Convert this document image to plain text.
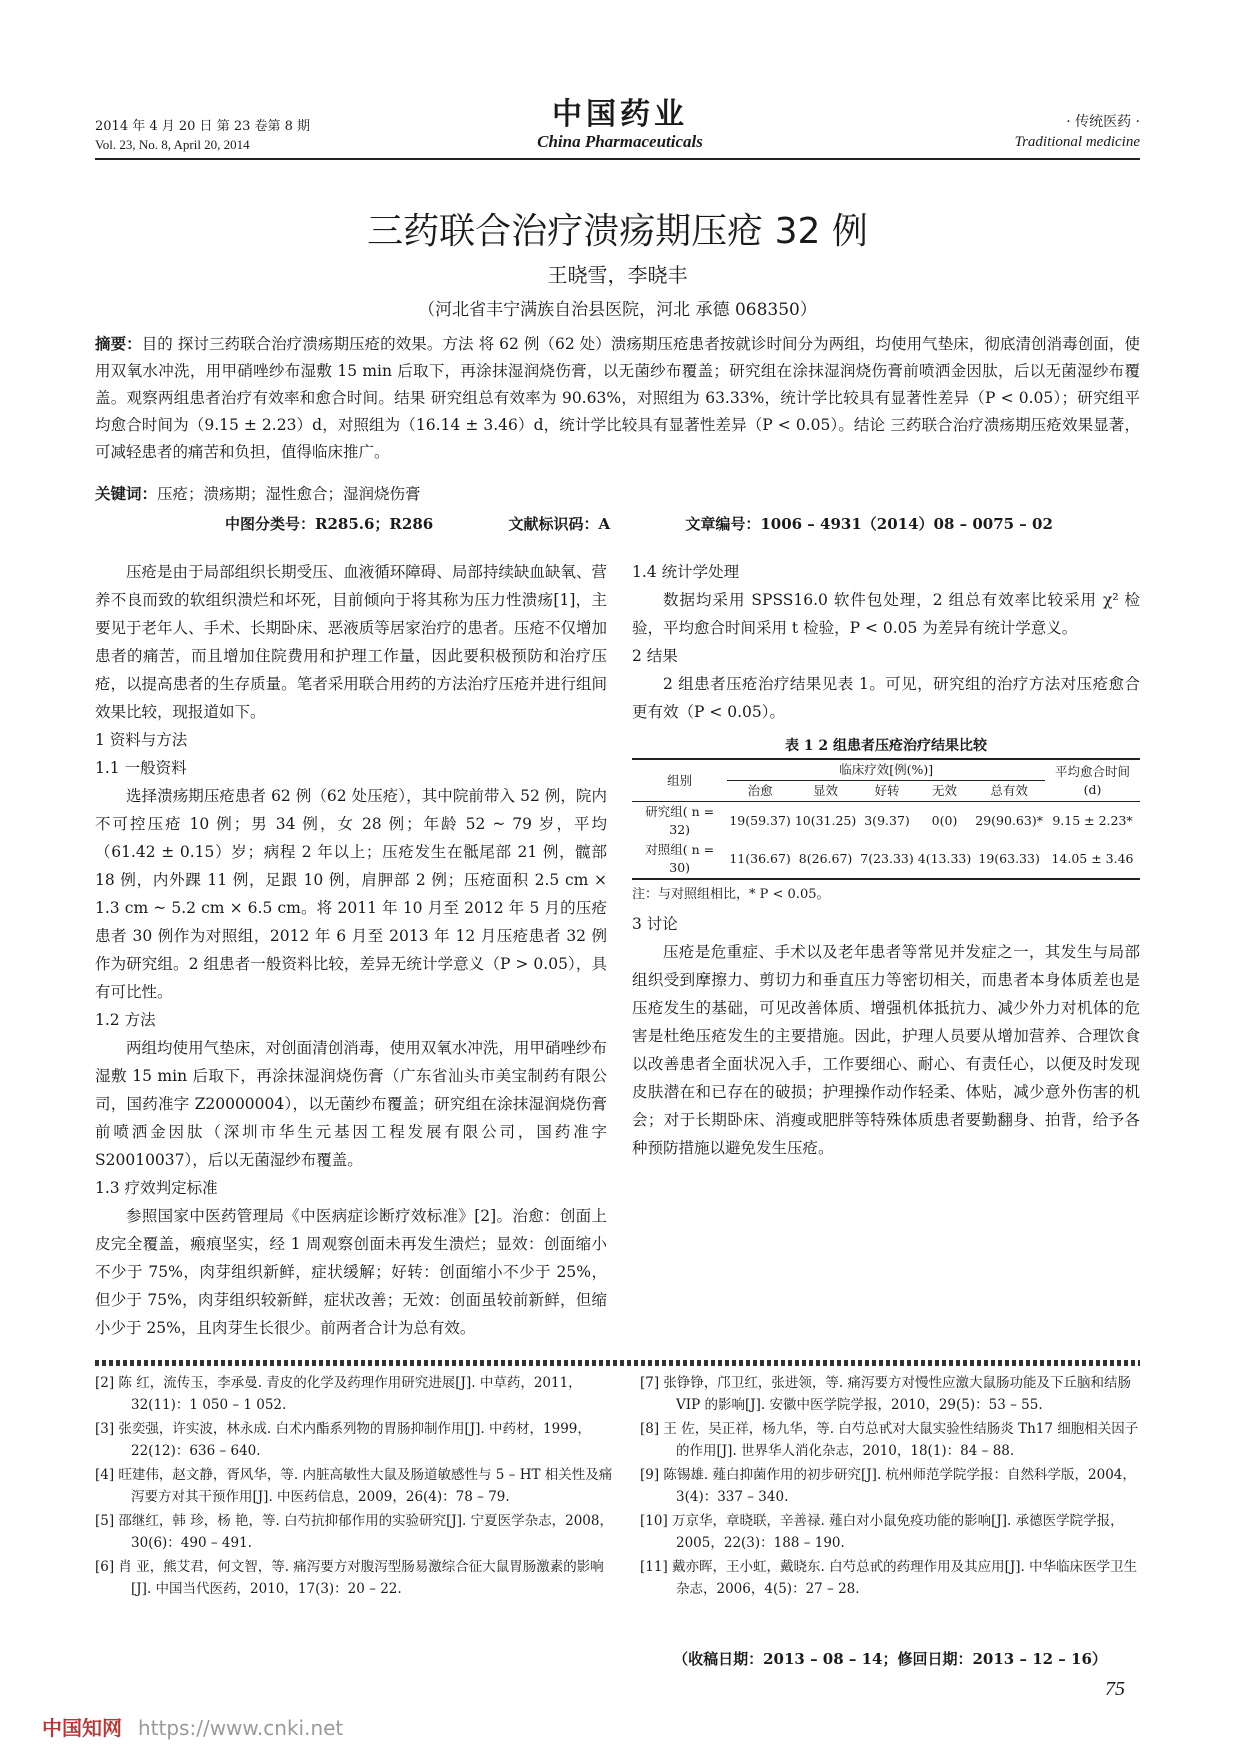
2014 年 4 月 20 日 第 23 卷第 8 期
Vol. 23, No. 8, April 20, 2014
中国药业
China Pharmaceuticals
· 传统医药 ·
Traditional medicine
三药联合治疗溃疡期压疮 32 例
王晓雪，李晓丰
（河北省丰宁满族自治县医院，河北 承德 068350）
摘要：目的 探讨三药联合治疗溃疡期压疮的效果。方法 将 62 例（62 处）溃疡期压疮患者按就诊时间分为两组，均使用气垫床，彻底清创消毒创面，使用双氧水冲洗，用甲硝唑纱布湿敷 15 min 后取下，再涂抹湿润烧伤膏，以无菌纱布覆盖；研究组在涂抹湿润烧伤膏前喷洒金因肽，后以无菌湿纱布覆盖。观察两组患者治疗有效率和愈合时间。结果 研究组总有效率为 90.63%，对照组为 63.33%，统计学比较具有显著性差异（P < 0.05）；研究组平均愈合时间为（9.15 ± 2.23）d，对照组为（16.14 ± 3.46）d，统计学比较具有显著性差异（P < 0.05）。结论 三药联合治疗溃疡期压疮效果显著，可减轻患者的痛苦和负担，值得临床推广。
关键词：压疮；溃疡期；湿性愈合；湿润烧伤膏
中图分类号：R285.6；R286	文献标识码：A	文章编号：1006 – 4931（2014）08 – 0075 – 02

压疮是由于局部组织长期受压、血液循环障碍、局部持续缺血缺氧、营养不良而致的软组织溃烂和坏死，目前倾向于将其称为压力性溃疡[1]，主要见于老年人、手术、长期卧床、恶液质等居家治疗的患者。压疮不仅增加患者的痛苦，而且增加住院费用和护理工作量，因此要积极预防和治疗压疮，以提高患者的生存质量。笔者采用联合用药的方法治疗压疮并进行组间效果比较，现报道如下。

1 资料与方法

1.1 一般资料

选择溃疡期压疮患者 62 例（62 处压疮），其中院前带入 52 例，院内不可控压疮 10 例；男 34 例，女 28 例；年龄 52 ~ 79 岁，平均（61.42 ± 0.15）岁；病程 2 年以上；压疮发生在骶尾部 21 例，髋部 18 例，内外踝 11 例，足跟 10 例，肩胛部 2 例；压疮面积 2.5 cm × 1.3 cm ~ 5.2 cm × 6.5 cm。将 2011 年 10 月至 2012 年 5 月的压疮患者 30 例作为对照组，2012 年 6 月至 2013 年 12 月压疮患者 32 例作为研究组。2 组患者一般资料比较，差异无统计学意义（P > 0.05），具有可比性。

1.2 方法

两组均使用气垫床，对创面清创消毒，使用双氧水冲洗，用甲硝唑纱布湿敷 15 min 后取下，再涂抹湿润烧伤膏（广东省汕头市美宝制药有限公司，国药准字 Z20000004），以无菌纱布覆盖；研究组在涂抹湿润烧伤膏前喷洒金因肽（深圳市华生元基因工程发展有限公司，国药准字 S20010037），后以无菌湿纱布覆盖。

1.3 疗效判定标准

参照国家中医药管理局《中医病症诊断疗效标准》[2]。治愈：创面上皮完全覆盖，瘢痕坚实，经 1 周观察创面未再发生溃烂；显效：创面缩小不少于 75%，肉芽组织新鲜，症状缓解；好转：创面缩小不少于 25%，但少于 75%，肉芽组织较新鲜，症状改善；无效：创面虽较前新鲜，但缩小少于 25%，且肉芽生长很少。前两者合计为总有效。

1.4 统计学处理

数据均采用 SPSS16.0 软件包处理，2 组总有效率比较采用 χ² 检验，平均愈合时间采用 t 检验，P < 0.05 为差异有统计学意义。

2 结果

2 组患者压疮治疗结果见表 1。可见，研究组的治疗方法对压疮愈合更有效（P < 0.05）。

表 1 2 组患者压疮治疗结果比较
组别	临床疗效[例(%)]					平均愈合时间(d)
	治愈	显效	好转	无效	总有效	
研究组( n = 32)	19(59.37)	10(31.25)	3(9.37)	0(0)	29(90.63)*	9.15 ± 2.23*
对照组( n = 30)	11(36.67)	8(26.67)	7(23.33)	4(13.33)	19(63.33)	14.05 ± 3.46
注：与对照组相比，* P < 0.05。

3 讨论

压疮是危重症、手术以及老年患者等常见并发症之一，其发生与局部组织受到摩擦力、剪切力和垂直压力等密切相关，而患者本身体质差也是压疮发生的基础，可见改善体质、增强机体抵抗力、减少外力对机体的危害是杜绝压疮发生的主要措施。因此，护理人员要从增加营养、合理饮食以改善患者全面状况入手，工作要细心、耐心、有责任心，以便及时发现皮肤潜在和已存在的破损；护理操作动作轻柔、体贴，减少意外伤害的机会；对于长期卧床、消瘦或肥胖等特殊体质患者要勤翻身、拍背，给予各种预防措施以避免发生压疮。

[2] 陈 红，流传玉，李承曼. 青皮的化学及药理作用研究进展[J]. 中草药，2011，32(11)：1 050 – 1 052.

[3] 张奕强，许实波，林永成. 白术内酯系列物的胃肠抑制作用[J]. 中药材，1999，22(12)：636 – 640.

[4] 旺建伟，赵文静，胥风华，等. 内脏高敏性大鼠及肠道敏感性与 5 – HT 相关性及痛泻要方对其干预作用[J]. 中医药信息，2009，26(4)：78 – 79.

[5] 邵继红，韩 珍，杨 艳，等. 白芍抗抑郁作用的实验研究[J]. 宁夏医学杂志，2008，30(6)：490 – 491.

[6] 肖 亚，熊艾君，何文智，等. 痛泻要方对腹泻型肠易激综合征大鼠胃肠激素的影响[J]. 中国当代医药，2010，17(3)：20 – 22.

[7] 张铮铮，邝卫红，张进领，等. 痛泻要方对慢性应激大鼠肠功能及下丘脑和结肠 VIP 的影响[J]. 安徽中医学院学报，2010，29(5)：53 – 55.

[8] 王 佐，吴正祥，杨九华，等. 白芍总甙对大鼠实验性结肠炎 Th17 细胞相关因子的作用[J]. 世界华人消化杂志，2010，18(1)：84 – 88.

[9] 陈锡雄. 薤白抑菌作用的初步研究[J]. 杭州师范学院学报：自然科学版，2004，3(4)：337 – 340.

[10] 万京华，章晓联，辛善禄. 薤白对小鼠免疫功能的影响[J]. 承德医学院学报，2005，22(3)：188 – 190.

[11] 戴亦晖，王小虹，戴晓东. 白芍总甙的药理作用及其应用[J]. 中华临床医学卫生杂志，2006，4(5)：27 – 28.

（收稿日期：2013 – 08 – 14；修回日期：2013 – 12 – 16）
75
中国知网 https://www.cnki.net
